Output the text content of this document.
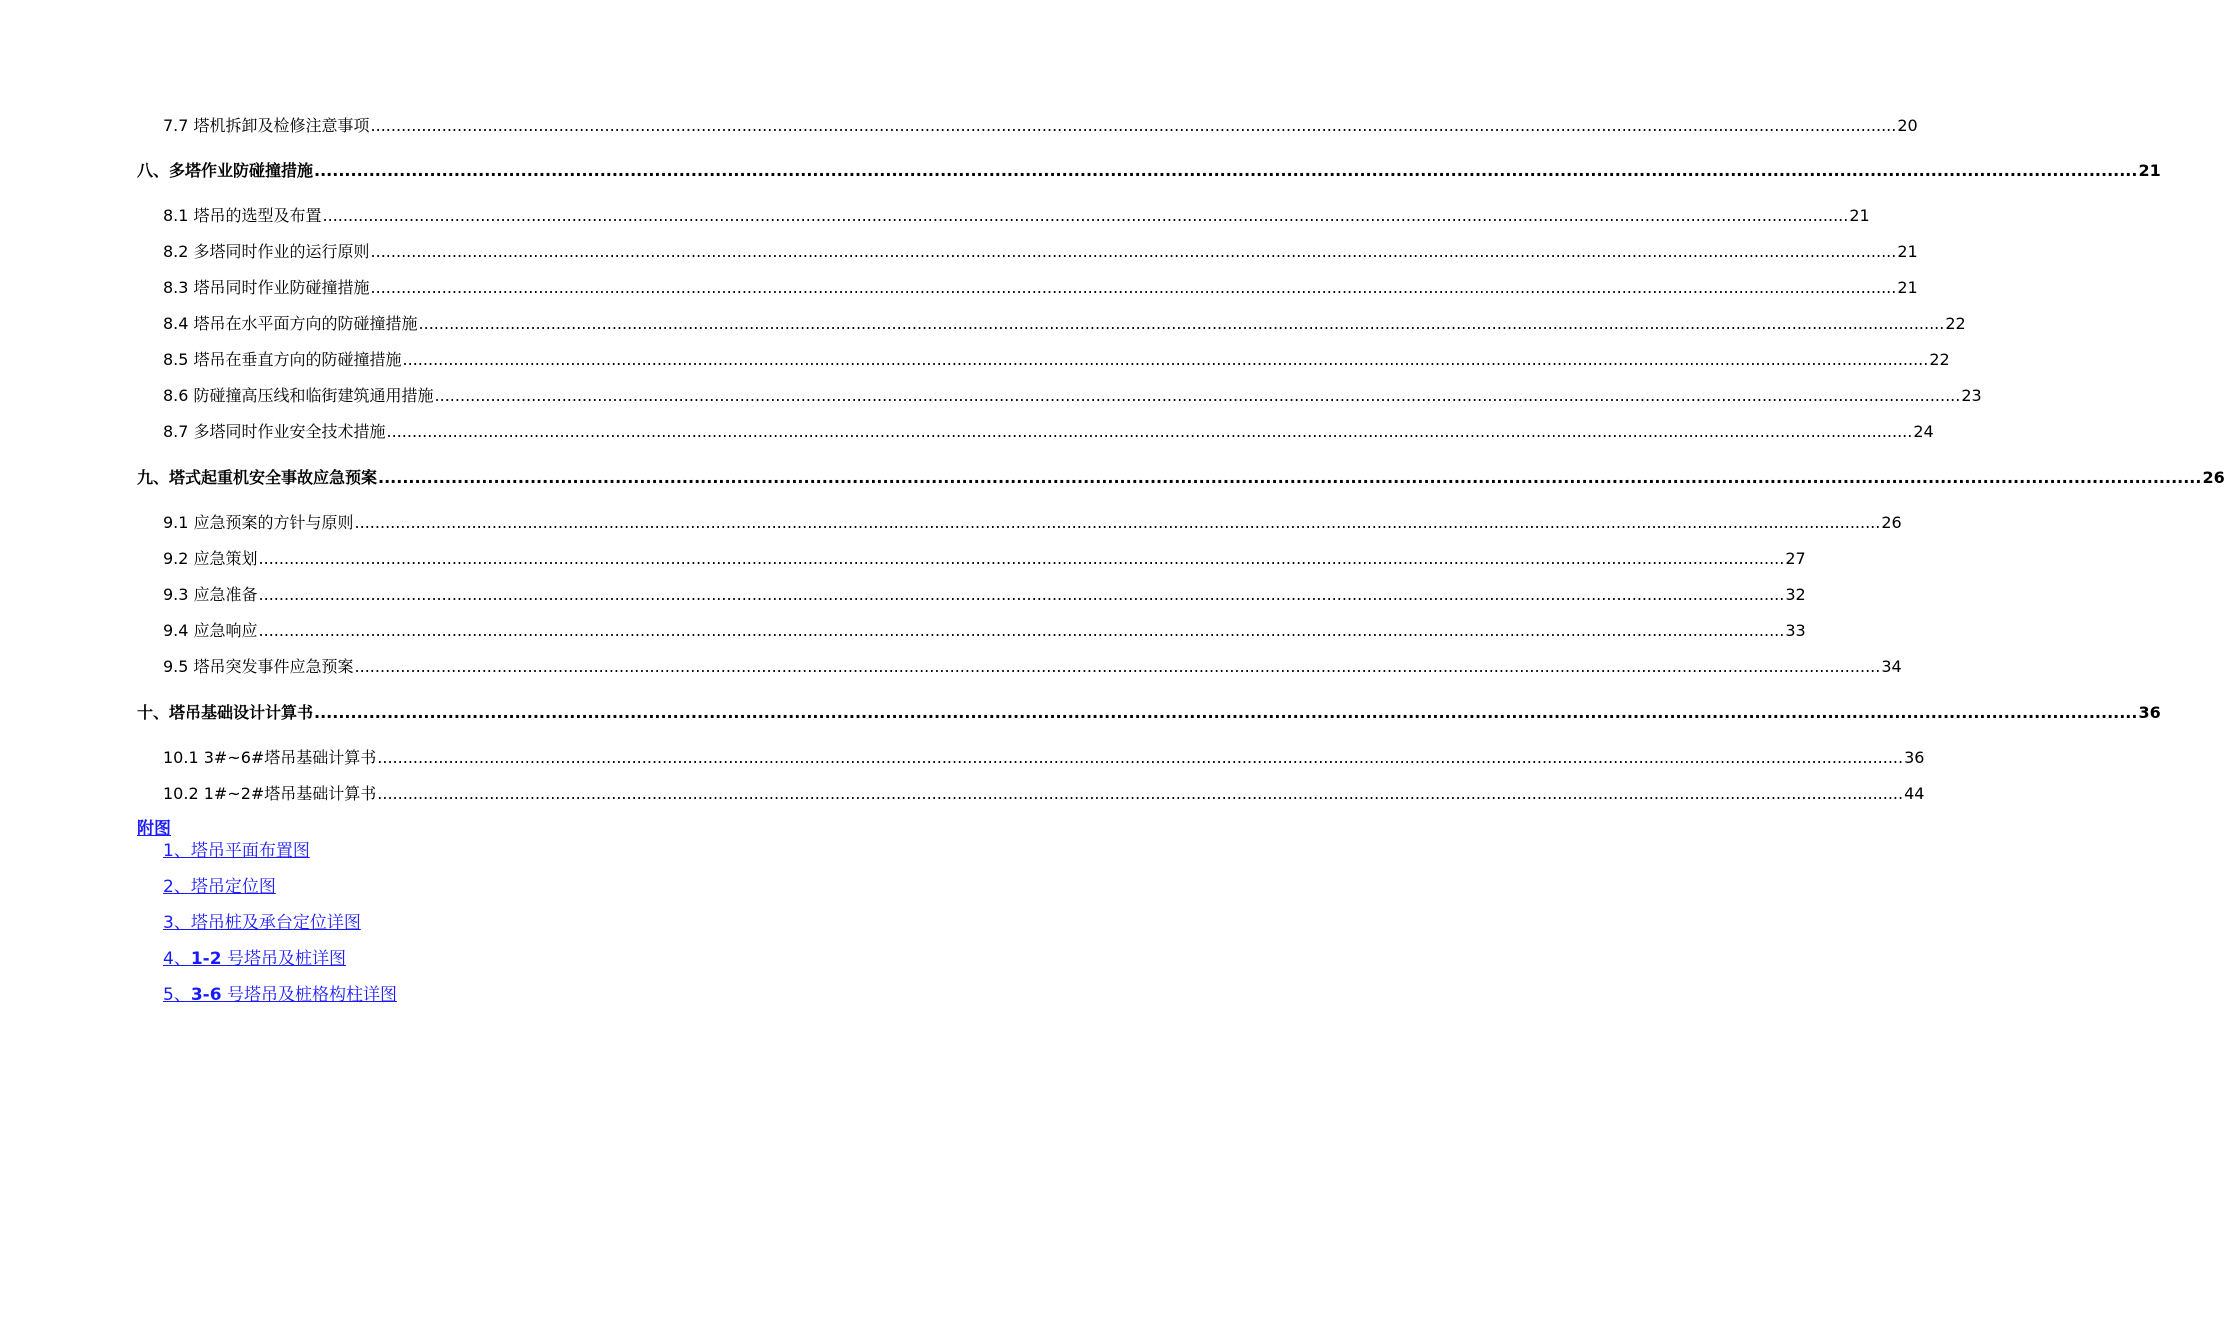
7.7 塔机拆卸及检修注意事项 ............................................................................................................................................................................................................................................................................................................ 20
八、多塔作业防碰撞措施 ............................................................................................................................................................................................................................................................................................................ 21
8.1 塔吊的选型及布置 ............................................................................................................................................................................................................................................................................................................ 21
8.2 多塔同时作业的运行原则 ............................................................................................................................................................................................................................................................................................................ 21
8.3 塔吊同时作业防碰撞措施 ............................................................................................................................................................................................................................................................................................................ 21
8.4 塔吊在水平面方向的防碰撞措施 ............................................................................................................................................................................................................................................................................................................ 22
8.5 塔吊在垂直方向的防碰撞措施 ............................................................................................................................................................................................................................................................................................................ 22
8.6 防碰撞高压线和临街建筑通用措施 ............................................................................................................................................................................................................................................................................................................ 23
8.7 多塔同时作业安全技术措施 ............................................................................................................................................................................................................................................................................................................ 24
九、塔式起重机安全事故应急预案 ............................................................................................................................................................................................................................................................................................................ 26
9.1 应急预案的方针与原则 ............................................................................................................................................................................................................................................................................................................ 26
9.2 应急策划 ............................................................................................................................................................................................................................................................................................................ 27
9.3 应急准备 ............................................................................................................................................................................................................................................................................................................ 32
9.4 应急响应 ............................................................................................................................................................................................................................................................................................................ 33
9.5 塔吊突发事件应急预案 ............................................................................................................................................................................................................................................................................................................ 34
十、塔吊基础设计计算书 ............................................................................................................................................................................................................................................................................................................ 36
10.1 3#~6#塔吊基础计算书 ............................................................................................................................................................................................................................................................................................................ 36
10.2 1#~2#塔吊基础计算书 ............................................................................................................................................................................................................................................................................................................ 44
附图
1、塔吊平面布置图
2、塔吊定位图
3、塔吊桩及承台定位详图
4、1-2 号塔吊及桩详图
5、3-6 号塔吊及桩格构柱详图
